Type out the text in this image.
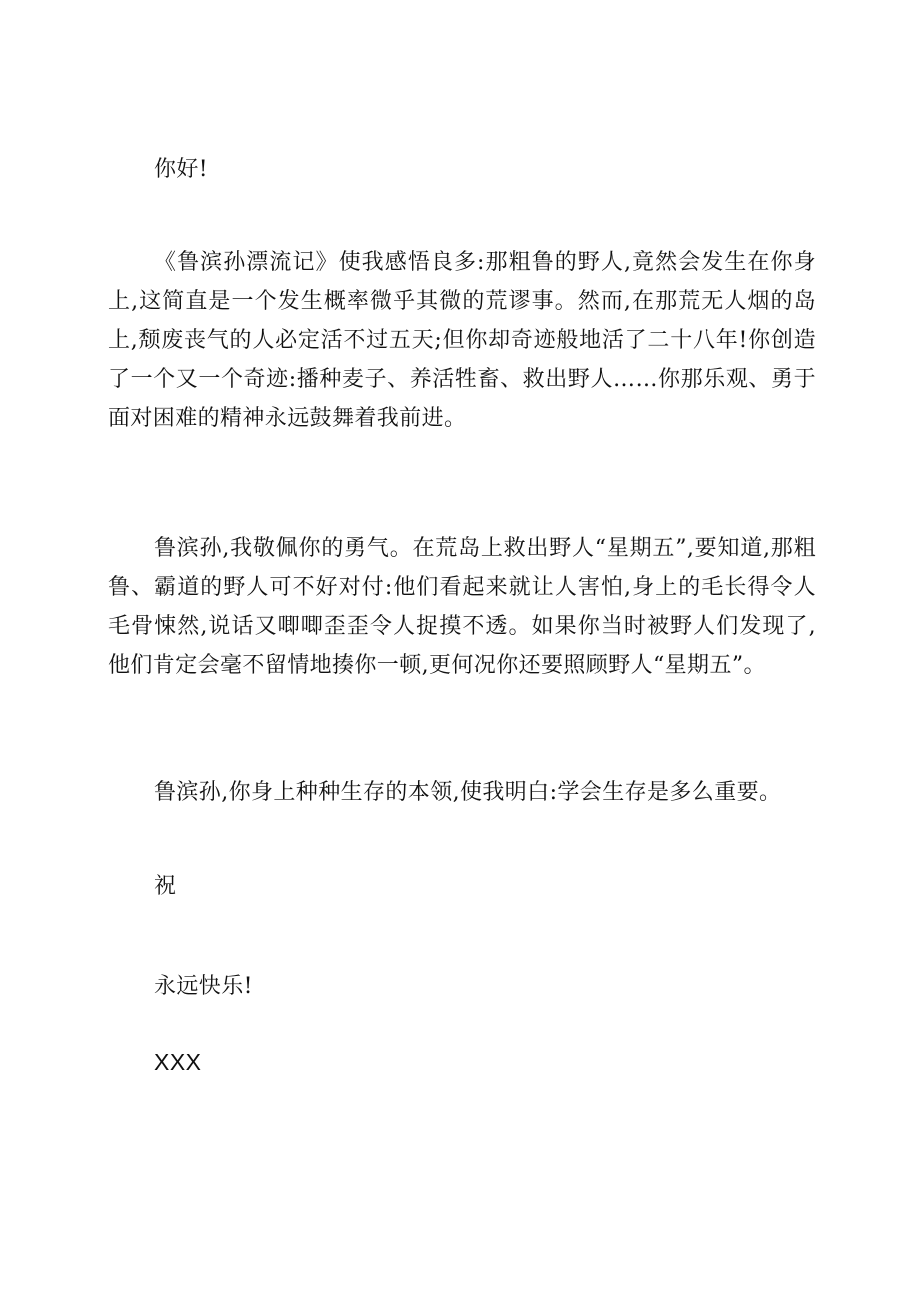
你好!

《鲁滨孙漂流记》使我感悟良多:那粗鲁的野人,竟然会发生在你身上,这简直是一个发生概率微乎其微的荒谬事。然而,在那荒无人烟的岛上,颓废丧气的人必定活不过五天;但你却奇迹般地活了二十八年!你创造了一个又一个奇迹:播种麦子、养活牲畜、救出野人……你那乐观、勇于面对困难的精神永远鼓舞着我前进。

鲁滨孙,我敬佩你的勇气。在荒岛上救出野人“星期五”,要知道,那粗鲁、霸道的野人可不好对付:他们看起来就让人害怕,身上的毛长得令人毛骨悚然,说话又唧唧歪歪令人捉摸不透。如果你当时被野人们发现了,他们肯定会毫不留情地揍你一顿,更何况你还要照顾野人“星期五”。

鲁滨孙,你身上种种生存的本领,使我明白:学会生存是多么重要。

祝

永远快乐!

XXX
